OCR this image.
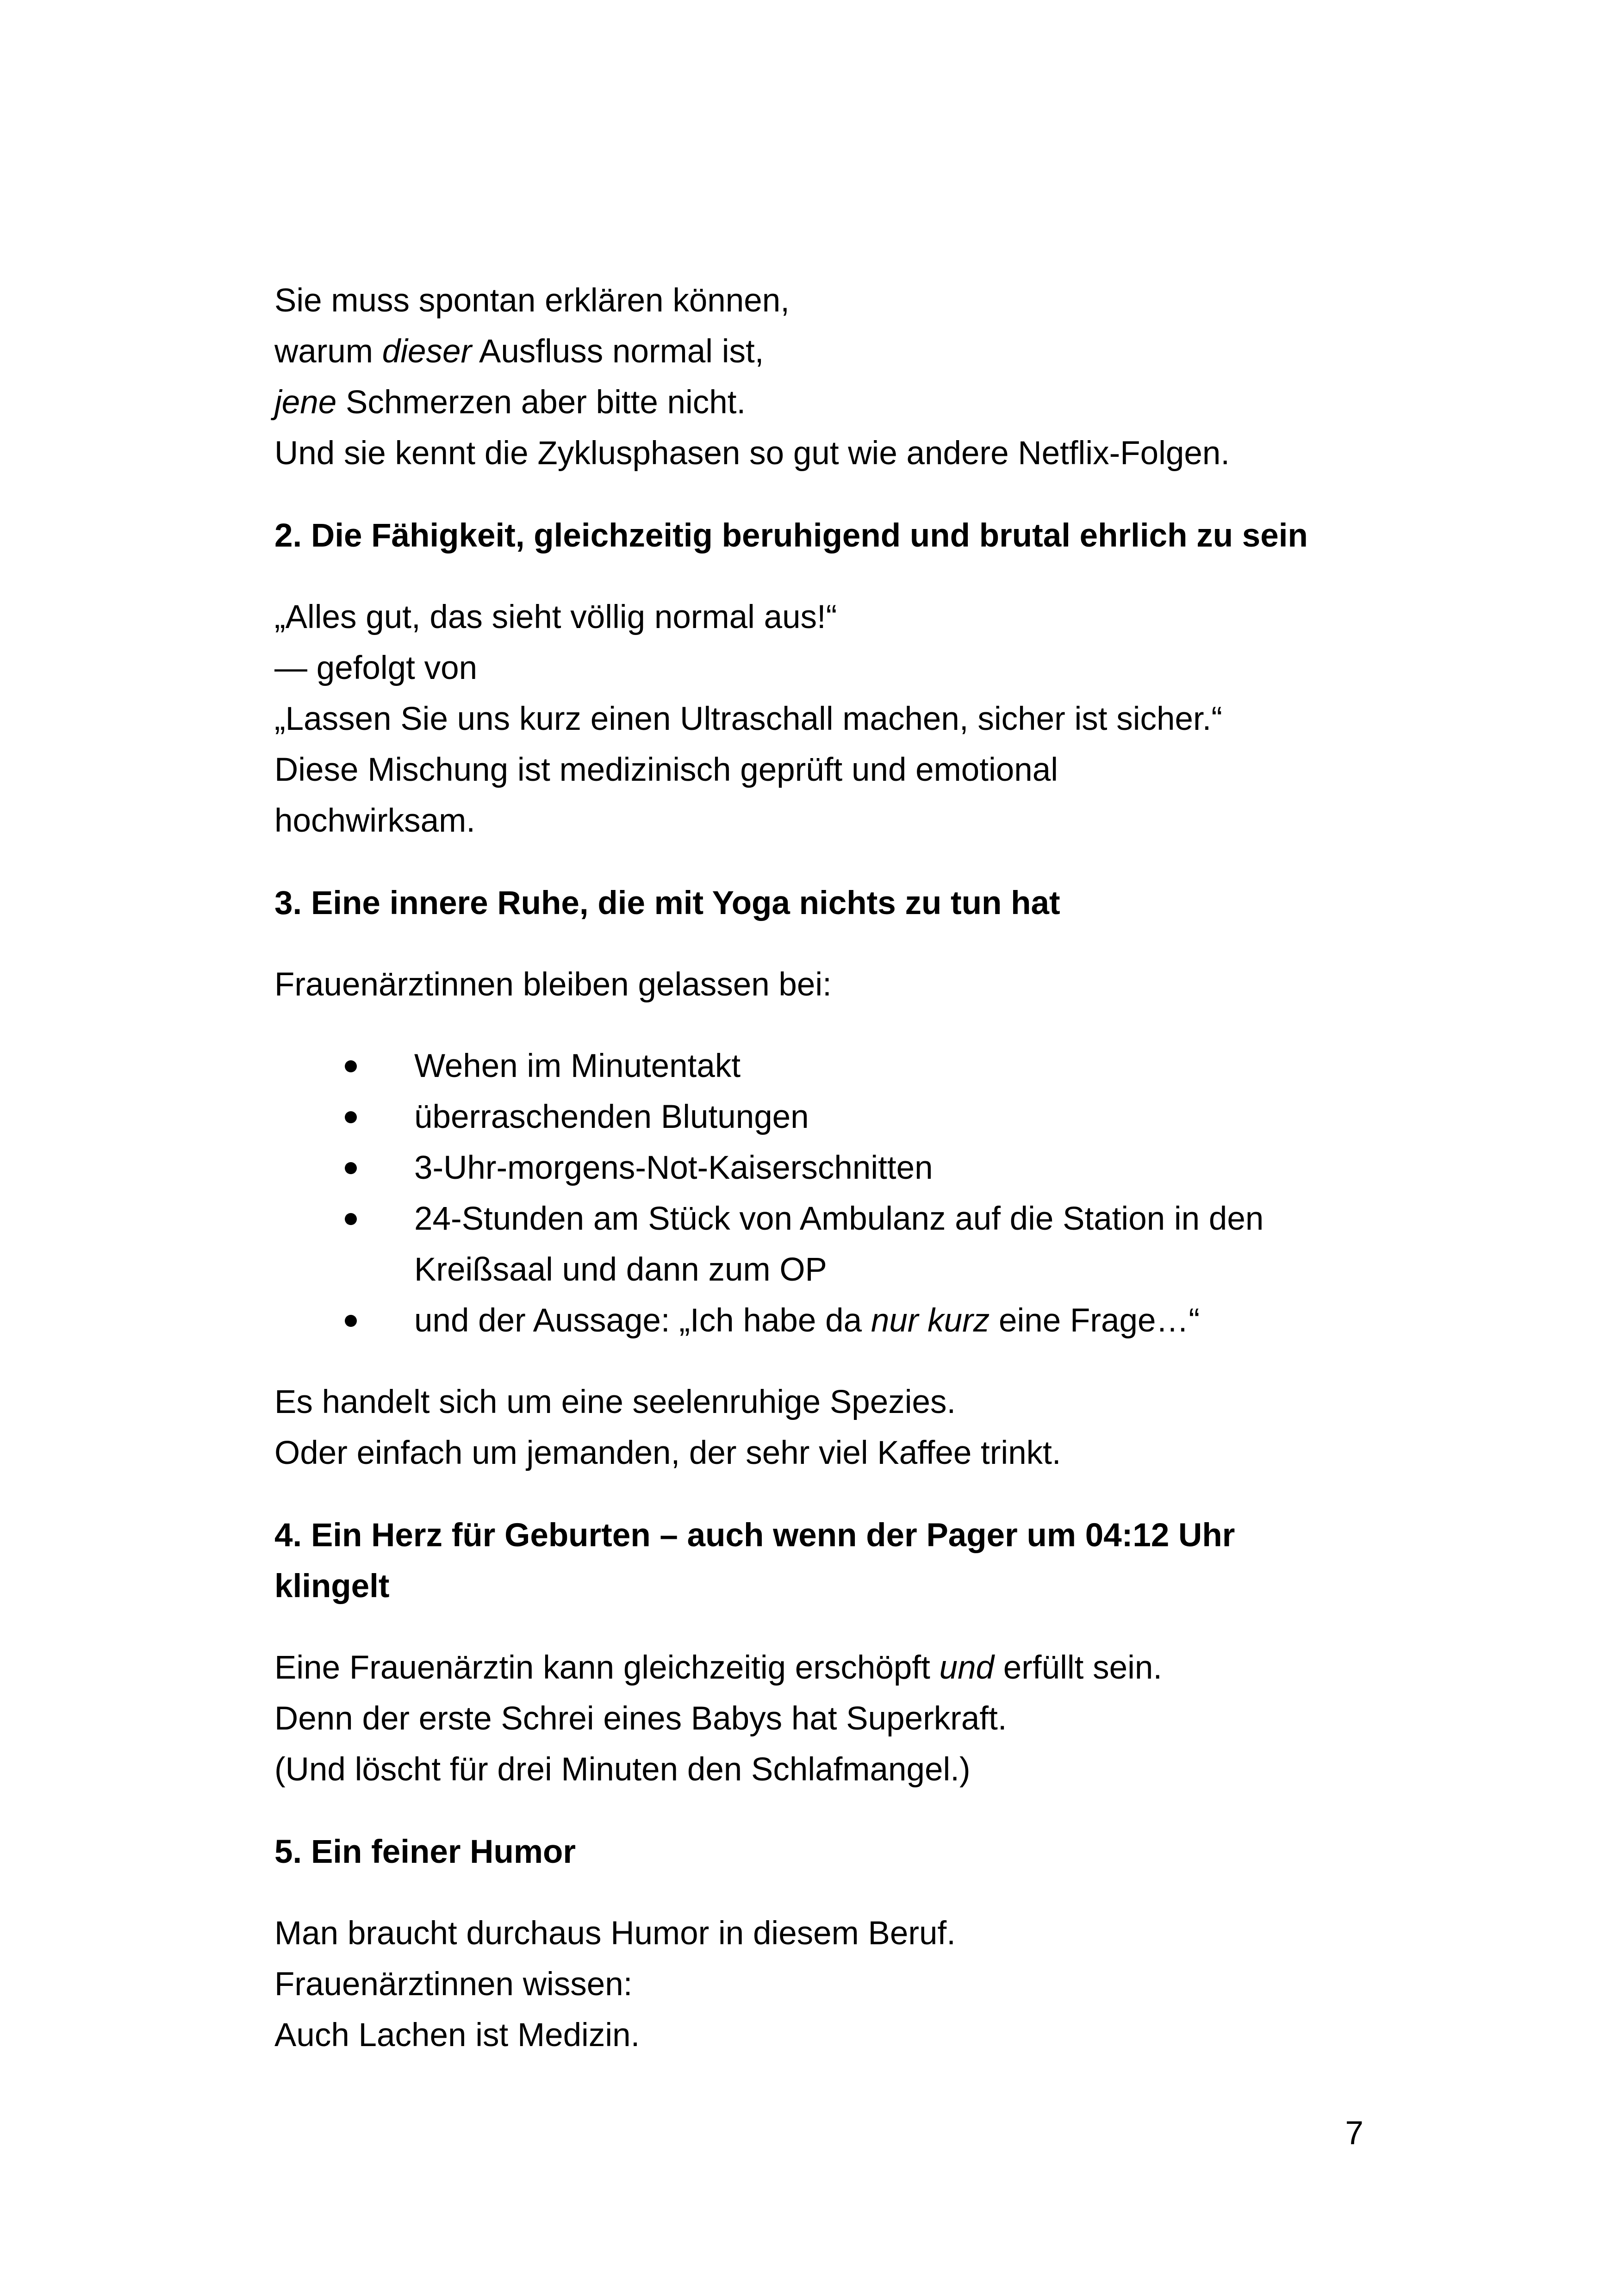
Sie muss spontan erklären können,
warum dieser Ausfluss normal ist,
jene Schmerzen aber bitte nicht.
Und sie kennt die Zyklusphasen so gut wie andere Netflix-Folgen.

2. Die Fähigkeit, gleichzeitig beruhigend und brutal ehrlich zu sein

„Alles gut, das sieht völlig normal aus!“
— gefolgt von
„Lassen Sie uns kurz einen Ultraschall machen, sicher ist sicher.“
Diese Mischung ist medizinisch geprüft und emotional
hochwirksam.

3. Eine innere Ruhe, die mit Yoga nichts zu tun hat

Frauenärztinnen bleiben gelassen bei:

Wehen im Minutentakt
überraschenden Blutungen
3-Uhr-morgens-Not-Kaiserschnitten
24-Stunden am Stück von Ambulanz auf die Station in den
Kreißsaal und dann zum OP
und der Aussage: „Ich habe da nur kurz eine Frage…“

Es handelt sich um eine seelenruhige Spezies.
Oder einfach um jemanden, der sehr viel Kaffee trinkt.

4. Ein Herz für Geburten – auch wenn der Pager um 04:12 Uhr
klingelt

Eine Frauenärztin kann gleichzeitig erschöpft und erfüllt sein.
Denn der erste Schrei eines Babys hat Superkraft.
(Und löscht für drei Minuten den Schlafmangel.)

5. Ein feiner Humor

Man braucht durchaus Humor in diesem Beruf.
Frauenärztinnen wissen:
Auch Lachen ist Medizin.

7
